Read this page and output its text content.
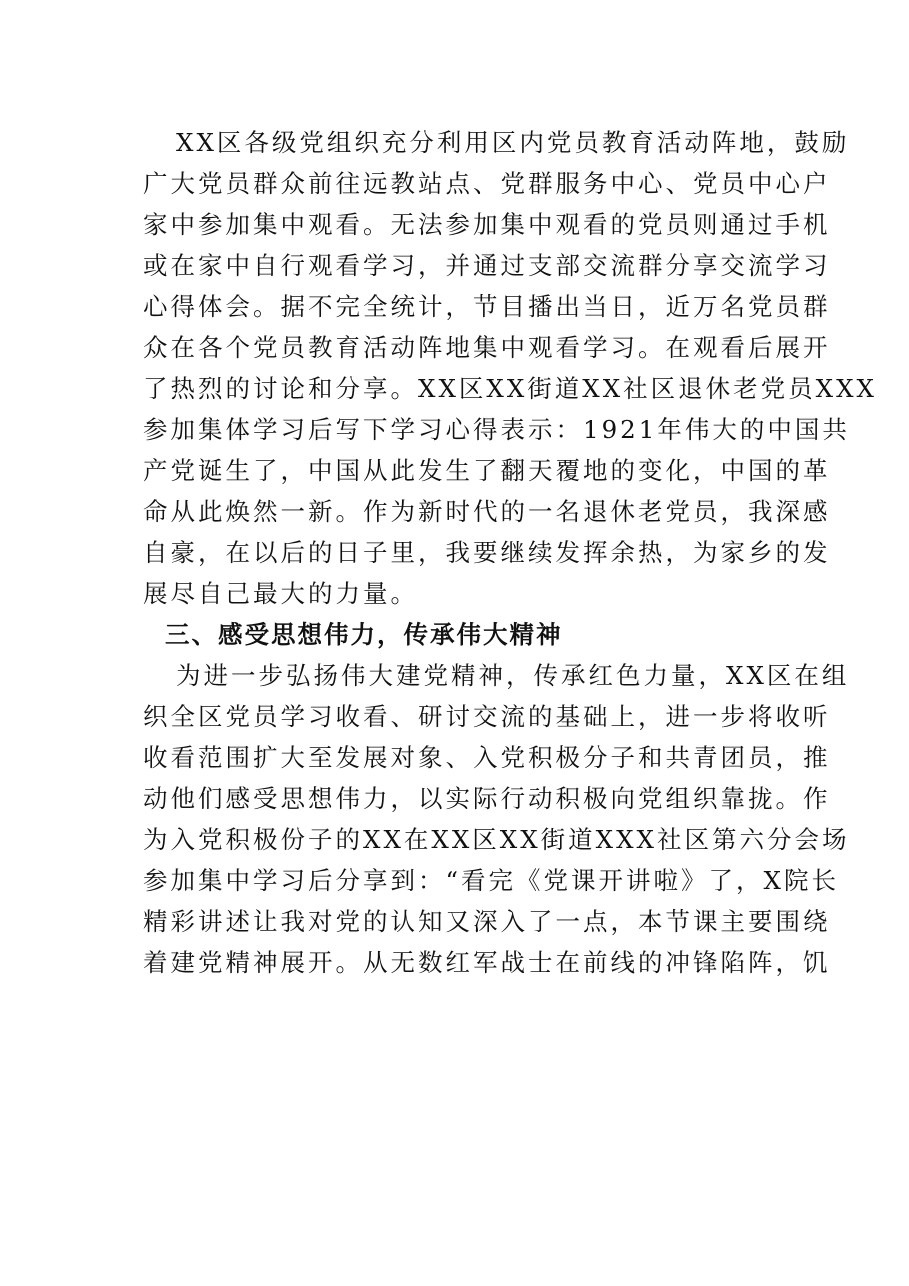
XX区各级党组织充分利用区内党员教育活动阵地，鼓励
广大党员群众前往远教站点、党群服务中心、党员中心户
家中参加集中观看。无法参加集中观看的党员则通过手机
或在家中自行观看学习，并通过支部交流群分享交流学习
心得体会。据不完全统计，节目播出当日，近万名党员群
众在各个党员教育活动阵地集中观看学习。在观看后展开
了热烈的讨论和分享。XX区XX街道XX社区退休老党员XXX
参加集体学习后写下学习心得表示：1921年伟大的中国共
产党诞生了，中国从此发生了翻天覆地的变化，中国的革
命从此焕然一新。作为新时代的一名退休老党员，我深感
自豪，在以后的日子里，我要继续发挥余热，为家乡的发
展尽自己最大的力量。
三、感受思想伟力，传承伟大精神
为进一步弘扬伟大建党精神，传承红色力量，XX区在组
织全区党员学习收看、研讨交流的基础上，进一步将收听
收看范围扩大至发展对象、入党积极分子和共青团员，推
动他们感受思想伟力，以实际行动积极向党组织靠拢。作
为入党积极份子的XX在XX区XX街道XXX社区第六分会场
参加集中学习后分享到：“看完《党课开讲啦》了，X院长
精彩讲述让我对党的认知又深入了一点，本节课主要围绕
着建党精神展开。从无数红军战士在前线的冲锋陷阵，饥
